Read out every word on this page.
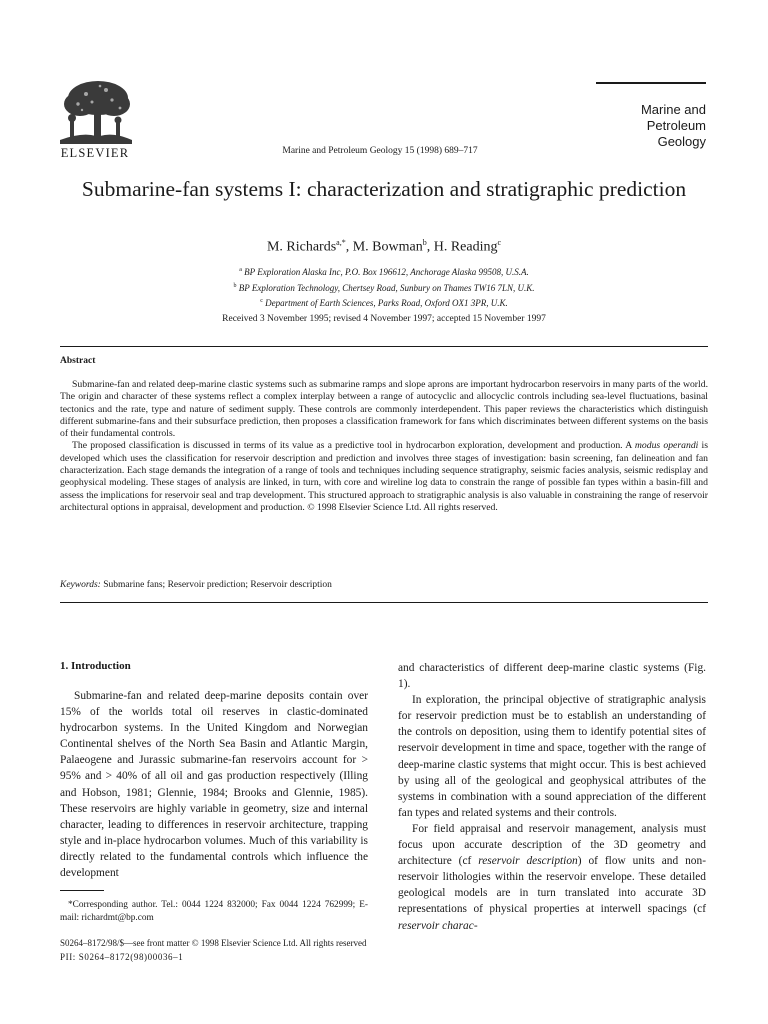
ELSEVIER	Marine and Petroleum Geology 15 (1998) 689–717
Marine and
Petroleum Geology
Submarine-fan systems I: characterization and stratigraphic prediction
M. Richards$^{a,*}$, M. Bowman$^b$, H. Reading$^c$
$^a$ BP Exploration Alaska Inc, P.O. Box 196612, Anchorage Alaska 99508, U.S.A.
$^b$ BP Exploration Technology, Chertsey Road, Sunbury on Thames TW16 7LN, U.K.
$^c$ Department of Earth Sciences, Parks Road, Oxford OX1 3PR, U.K.
Received 3 November 1995; revised 4 November 1997; accepted 15 November 1997
Abstract

Submarine-fan and related deep-marine clastic systems such as submarine ramps and slope aprons are important hydrocarbon reservoirs in many parts of the world. The origin and character of these systems reflect a complex interplay between a range of autocyclic and allocyclic controls including sea-level fluctuations, basinal tectonics and the rate, type and nature of sediment supply. These controls are commonly interdependent. This paper reviews the characteristics which distinguish different submarine-fans and their subsurface prediction, then proposes a classification framework for fans which discriminates between different systems on the basis of their fundamental controls.

The proposed classification is discussed in terms of its value as a predictive tool in hydrocarbon exploration, development and production. A modus operandi is developed which uses the classification for reservoir description and prediction and involves three stages of investigation: basin screening, fan delineation and fan characterization. Each stage demands the integration of a range of tools and techniques including sequence stratigraphy, seismic facies analysis, seismic redisplay and geophysical modeling. These stages of analysis are linked, in turn, with core and wireline log data to constrain the range of possible fan types within a basin-fill and assess the implications for reservoir seal and trap development. This structured approach to stratigraphic analysis is also valuable in constraining the range of reservoir architectural options in appraisal, development and production. © 1998 Elsevier Science Ltd. All rights reserved.

Keywords: Submarine fans; Reservoir prediction; Reservoir description
1. Introduction

Submarine-fan and related deep-marine deposits contain over 15% of the worlds total oil reserves in clastic-dominated hydrocarbon systems. In the United Kingdom and Norwegian Continental shelves of the North Sea Basin and Atlantic Margin, Palaeogene and Jurassic submarine-fan reservoirs account for > 95% and > 40% of all oil and gas production respectively (Illing and Hobson, 1981; Glennie, 1984; Brooks and Glennie, 1985). These reservoirs are highly variable in geometry, size and internal character, leading to differences in reservoir architecture, trapping style and in-place hydrocarbon volumes. Much of this variability is directly related to the fundamental controls which influence the development

and characteristics of different deep-marine clastic systems (Fig. 1).

In exploration, the principal objective of stratigraphic analysis for reservoir prediction must be to establish an understanding of the controls on deposition, using them to identify potential sites of reservoir development in time and space, together with the range of deep-marine clastic systems that might occur. This is best achieved by using all of the geological and geophysical attributes of the systems in combination with a sound appreciation of the different fan types and related systems and their controls.

For field appraisal and reservoir management, analysis must focus upon accurate description of the 3D geometry and architecture (cf reservoir description) of flow units and non-reservoir lithologies within the reservoir envelope. These detailed geological models are in turn translated into accurate 3D representations of physical properties at interwell spacings (cf reservoir charac-

*Corresponding author. Tel.: 0044 1224 832000; Fax 0044 1224 762999; E-mail: richardmt@bp.com
S0264–8172/98/$—see front matter © 1998 Elsevier Science Ltd. All rights reserved
PII: S0264–8172(98)00036–1
